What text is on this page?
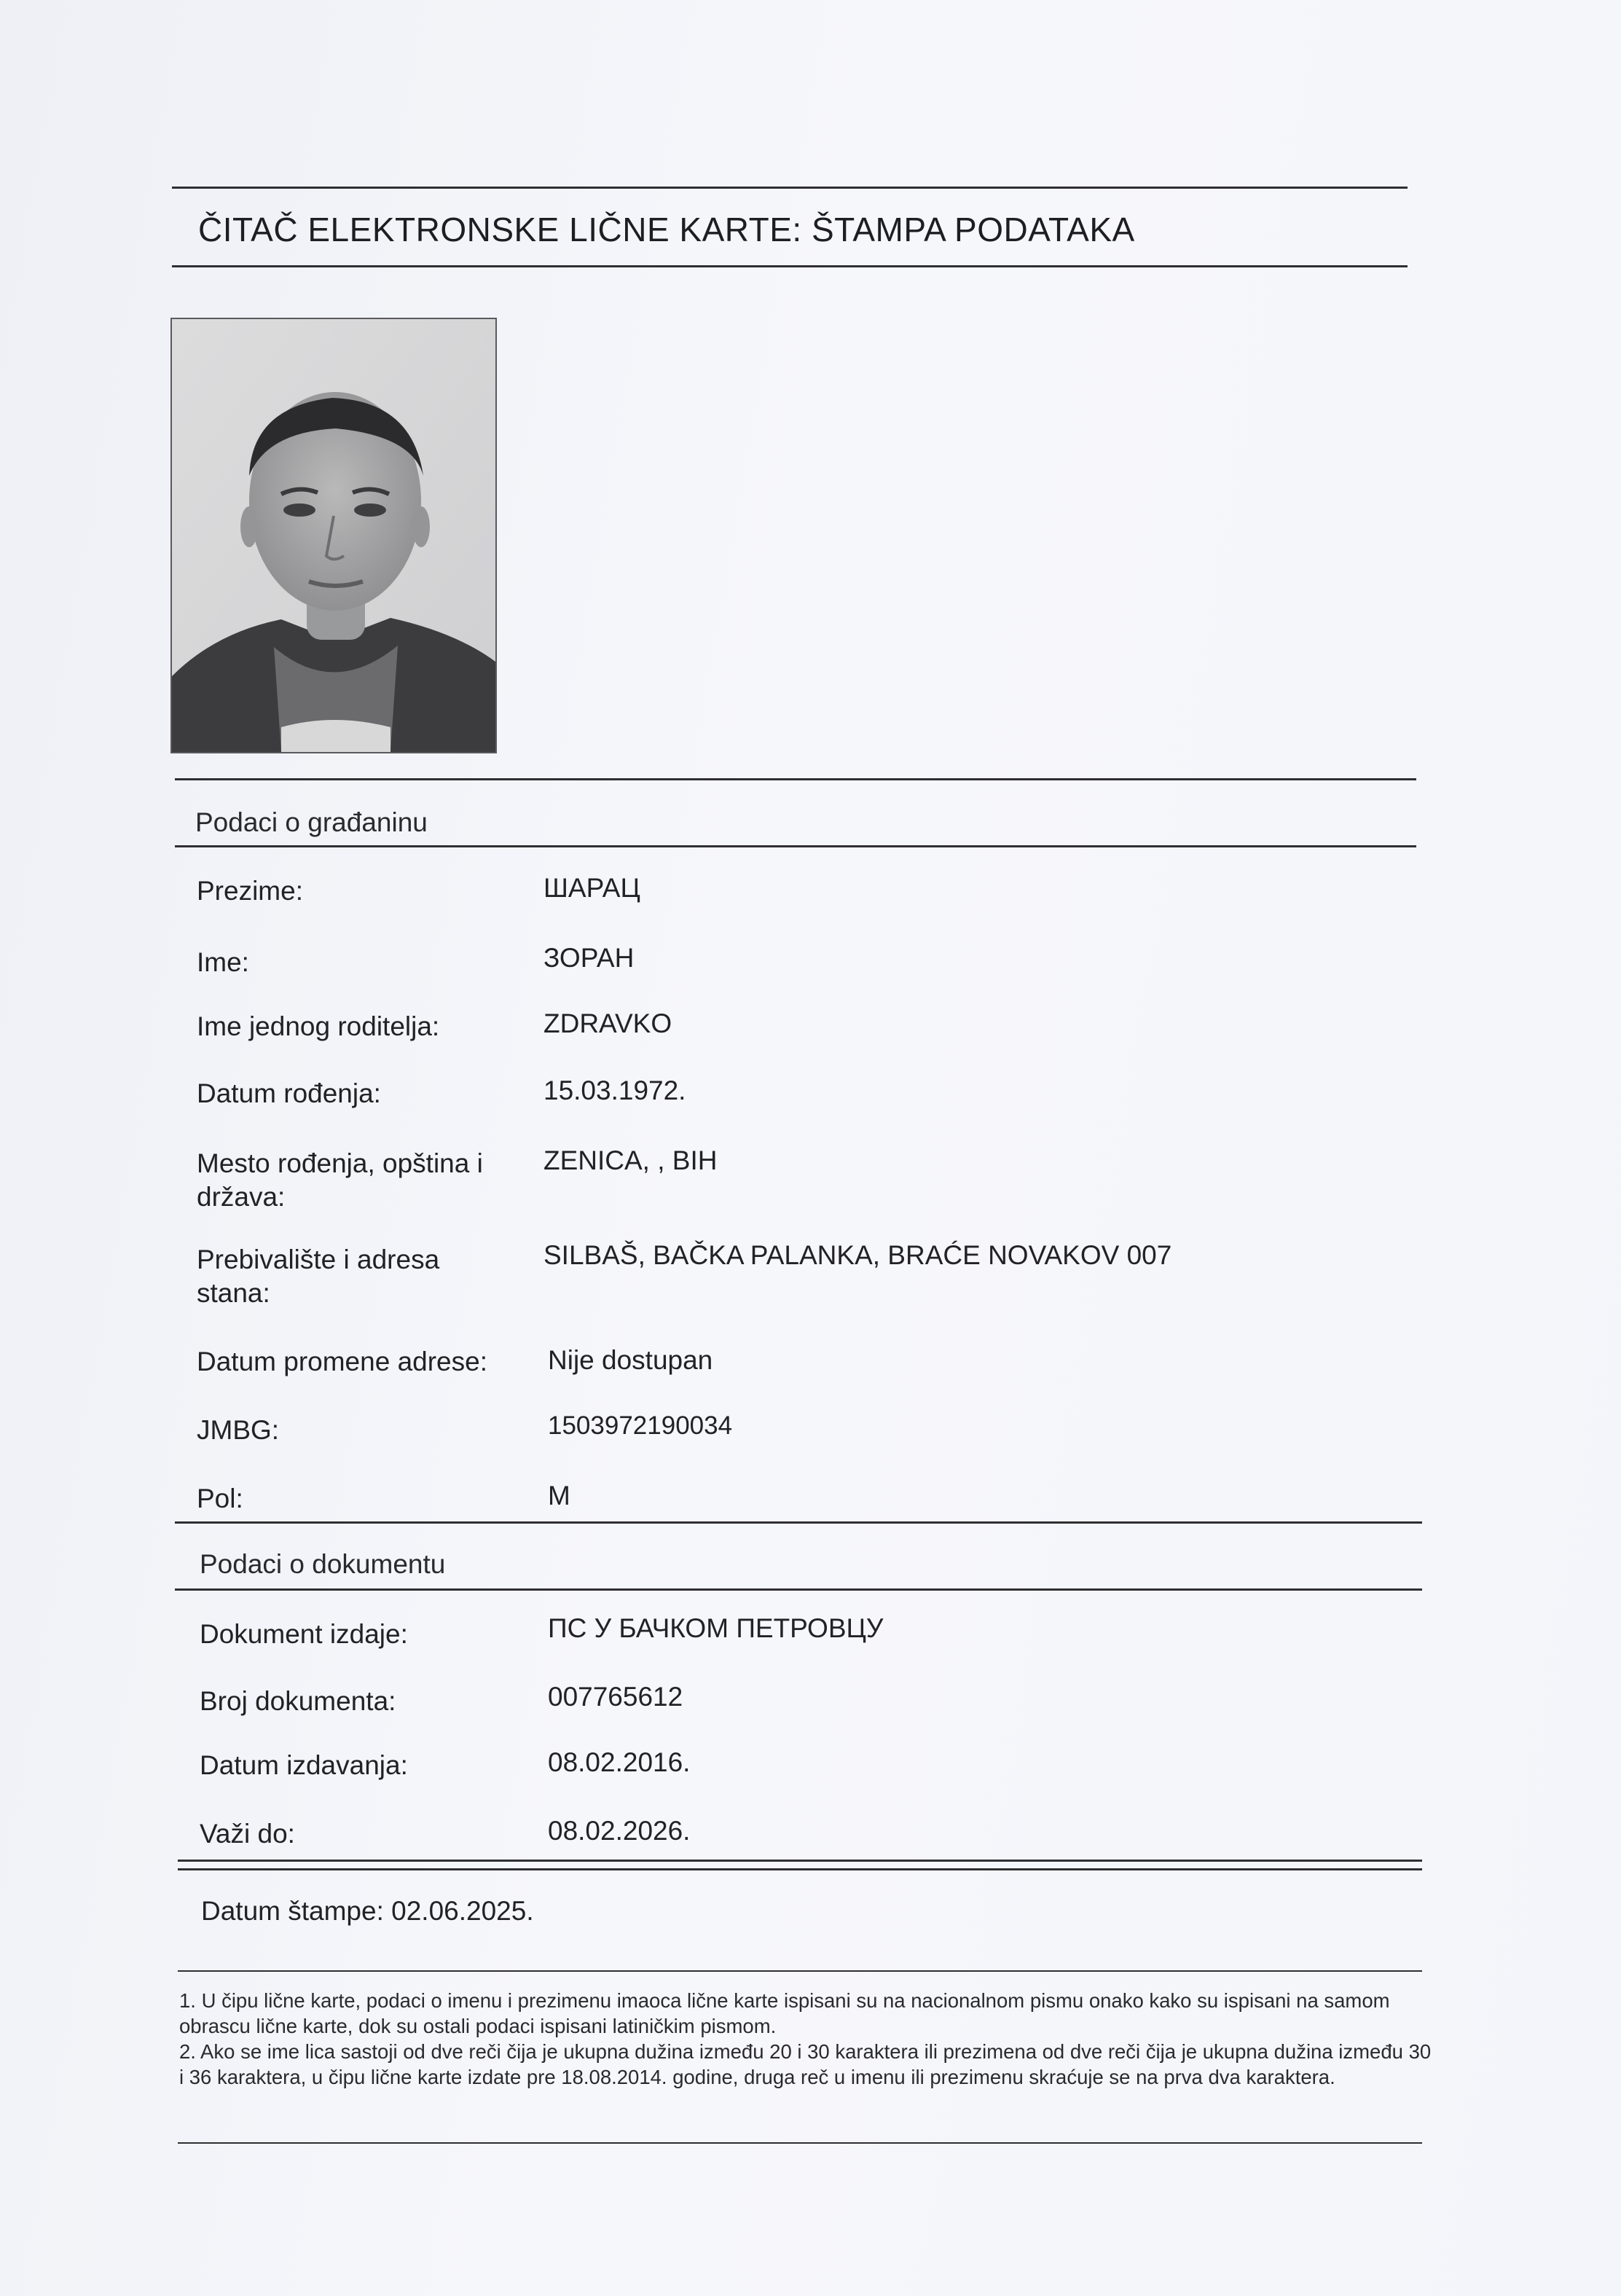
ČITAČ ELEKTRONSKE LIČNE KARTE: ŠTAMPA PODATAKA
Podaci o građaninu
Prezime:	ШАРАЦ
Ime:	ЗОРАН
Ime jednog roditelja:	ZDRAVKO
Datum rođenja:	15.03.1972.
Mesto rođenja, opština i država:
ZENICA, , BIH
Prebivalište i adresa stana:
SILBAŠ, BAČKA PALANKA, BRAĆE NOVAKOV 007
Datum promene adrese:	Nije dostupan
JMBG:	1503972190034
Pol:	M
Podaci o dokumentu
Dokument izdaje:	ПС У БАЧКОМ ПЕТРОВЦУ
Broj dokumenta:	007765612
Datum izdavanja:	08.02.2016.
Važi do:	08.02.2026.
Datum štampe: 02.06.2025.

1. U čipu lične karte, podaci o imenu i prezimenu imaoca lične karte ispisani su na nacionalnom pismu onako kako su ispisani na samom obrascu lične karte, dok su ostali podaci ispisani latiničkim pismom.

2. Ako se ime lica sastoji od dve reči čija je ukupna dužina između 20 i 30 karaktera ili prezimena od dve reči čija je ukupna dužina između 30 i 36 karaktera, u čipu lične karte izdate pre 18.08.2014. godine, druga reč u imenu ili prezimenu skraćuje se na prva dva karaktera.
